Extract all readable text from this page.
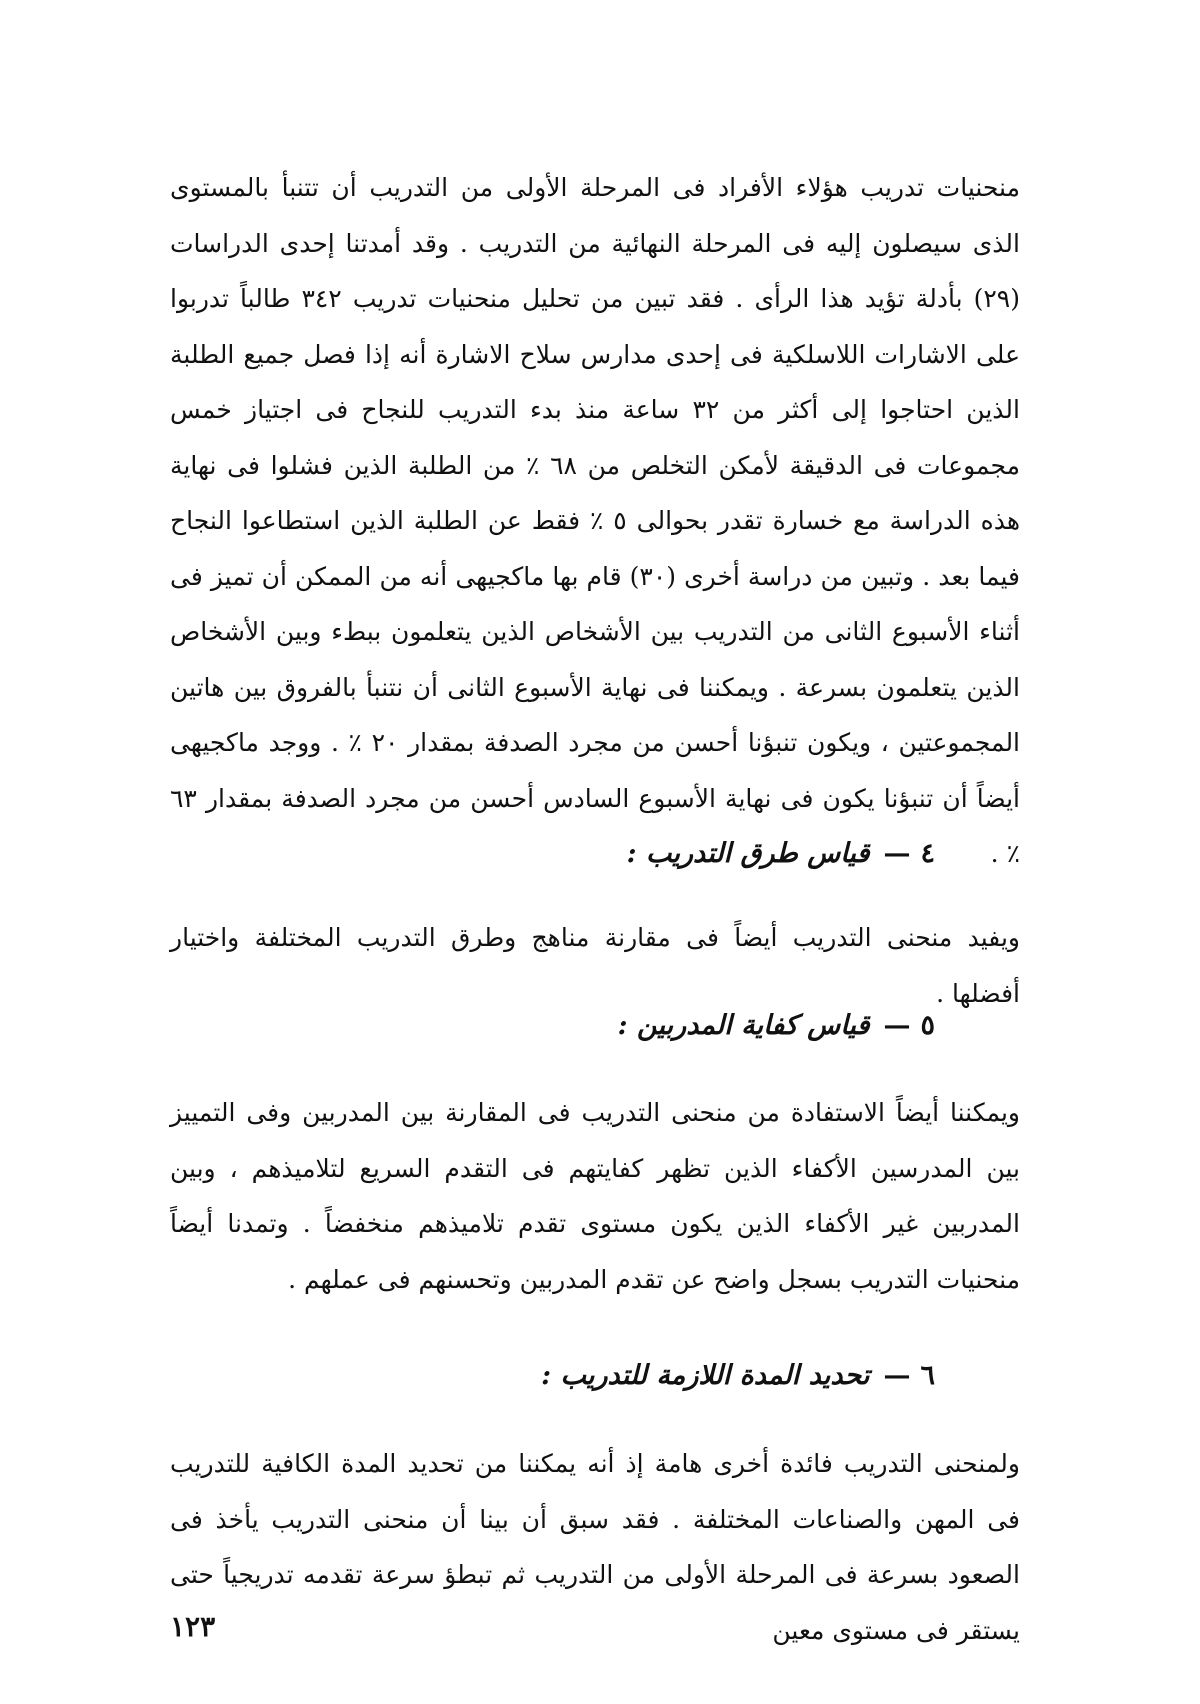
منحنيات تدريب هؤلاء الأفراد فى المرحلة الأولى من التدريب أن تتنبأ بالمستوى الذى سيصلون إليه فى المرحلة النهائية من التدريب . وقد أمدتنا إحدى الدراسات (٢٩) بأدلة تؤيد هذا الرأى . فقد تبين من تحليل منحنيات تدريب ٣٤٢ طالباً تدربوا على الاشارات اللاسلكية فى إحدى مدارس سلاح الاشارة أنه إذا فصل جميع الطلبة الذين احتاجوا إلى أكثر من ٣٢ ساعة منذ بدء التدريب للنجاح فى اجتياز خمس مجموعات فى الدقيقة لأمكن التخلص من ٦٨ ٪ من الطلبة الذين فشلوا فى نهاية هذه الدراسة مع خسارة تقدر بحوالى ٥ ٪ فقط عن الطلبة الذين استطاعوا النجاح فيما بعد . وتبين من دراسة أخرى (٣٠) قام بها ماكجيهى أنه من الممكن أن تميز فى أثناء الأسبوع الثانى من التدريب بين الأشخاص الذين يتعلمون ببطء وبين الأشخاص الذين يتعلمون بسرعة . ويمكننا فى نهاية الأسبوع الثانى أن نتنبأ بالفروق بين هاتين المجموعتين ، ويكون تنبؤنا أحسن من مجرد الصدفة بمقدار ٢٠ ٪ . ووجد ماكجيهى أيضاً أن تنبؤنا يكون فى نهاية الأسبوع السادس أحسن من مجرد الصدفة بمقدار ٦٣ ٪ .

٤—قياس طرق التدريب :

ويفيد منحنى التدريب أيضاً فى مقارنة مناهج وطرق التدريب المختلفة واختيار أفضلها .

٥—قياس كفاية المدربين :

ويمكننا أيضاً الاستفادة من منحنى التدريب فى المقارنة بين المدربين وفى التمييز بين المدرسين الأكفاء الذين تظهر كفايتهم فى التقدم السريع لتلاميذهم ، وبين المدربين غير الأكفاء الذين يكون مستوى تقدم تلاميذهم منخفضاً . وتمدنا أيضاً منحنيات التدريب بسجل واضح عن تقدم المدربين وتحسنهم فى عملهم .

٦—تحديد المدة اللازمة للتدريب :

ولمنحنى التدريب فائدة أخرى هامة إذ أنه يمكننا من تحديد المدة الكافية للتدريب فى المهن والصناعات المختلفة . فقد سبق أن بينا أن منحنى التدريب يأخذ فى الصعود بسرعة فى المرحلة الأولى من التدريب ثم تبطؤ سرعة تقدمه تدريجياً حتى يستقر فى مستوى معين

١٢٣
